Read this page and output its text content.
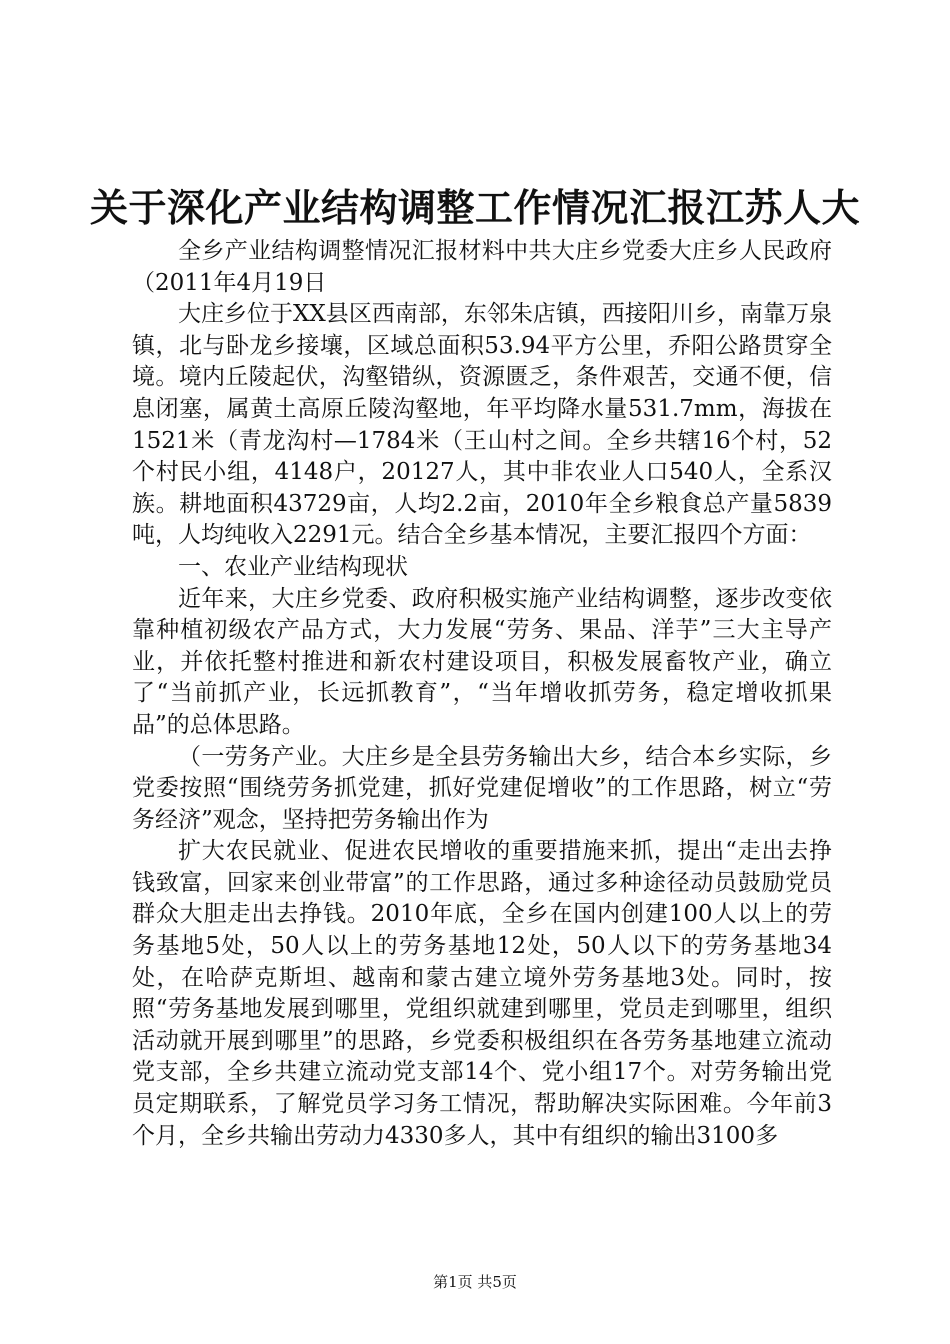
关于深化产业结构调整工作情况汇报江苏人大

全乡产业结构调整情况汇报材料中共大庄乡党委大庄乡人民政府（2011年4月19日

大庄乡位于XX县区西南部，东邻朱店镇，西接阳川乡，南靠万泉镇，北与卧龙乡接壤，区域总面积53.94平方公里，乔阳公路贯穿全境。境内丘陵起伏，沟壑错纵，资源匮乏，条件艰苦，交通不便，信息闭塞，属黄土高原丘陵沟壑地，年平均降水量531.7mm，海拔在1521米（青龙沟村—1784米（王山村之间。全乡共辖16个村，52个村民小组，4148户，20127人，其中非农业人口540人，全系汉族。耕地面积43729亩，人均2.2亩，2010年全乡粮食总产量5839吨，人均纯收入2291元。结合全乡基本情况，主要汇报四个方面：

一、农业产业结构现状

近年来，大庄乡党委、政府积极实施产业结构调整，逐步改变依靠种植初级农产品方式，大力发展“劳务、果品、洋芋”三大主导产业，并依托整村推进和新农村建设项目，积极发展畜牧产业，确立了“当前抓产业，长远抓教育”，“当年增收抓劳务，稳定增收抓果品”的总体思路。

（一劳务产业。大庄乡是全县劳务输出大乡，结合本乡实际，乡党委按照“围绕劳务抓党建，抓好党建促增收”的工作思路，树立“劳务经济”观念，坚持把劳务输出作为

扩大农民就业、促进农民增收的重要措施来抓，提出“走出去挣钱致富，回家来创业带富”的工作思路，通过多种途径动员鼓励党员群众大胆走出去挣钱。2010年底，全乡在国内创建100人以上的劳务基地5处，50人以上的劳务基地12处，50人以下的劳务基地34处，在哈萨克斯坦、越南和蒙古建立境外劳务基地3处。同时，按照“劳务基地发展到哪里，党组织就建到哪里，党员走到哪里，组织活动就开展到哪里”的思路，乡党委积极组织在各劳务基地建立流动党支部，全乡共建立流动党支部14个、党小组17个。对劳务输出党员定期联系，了解党员学习务工情况，帮助解决实际困难。今年前3个月，全乡共输出劳动力4330多人，其中有组织的输出3100多

第1页 共5页
